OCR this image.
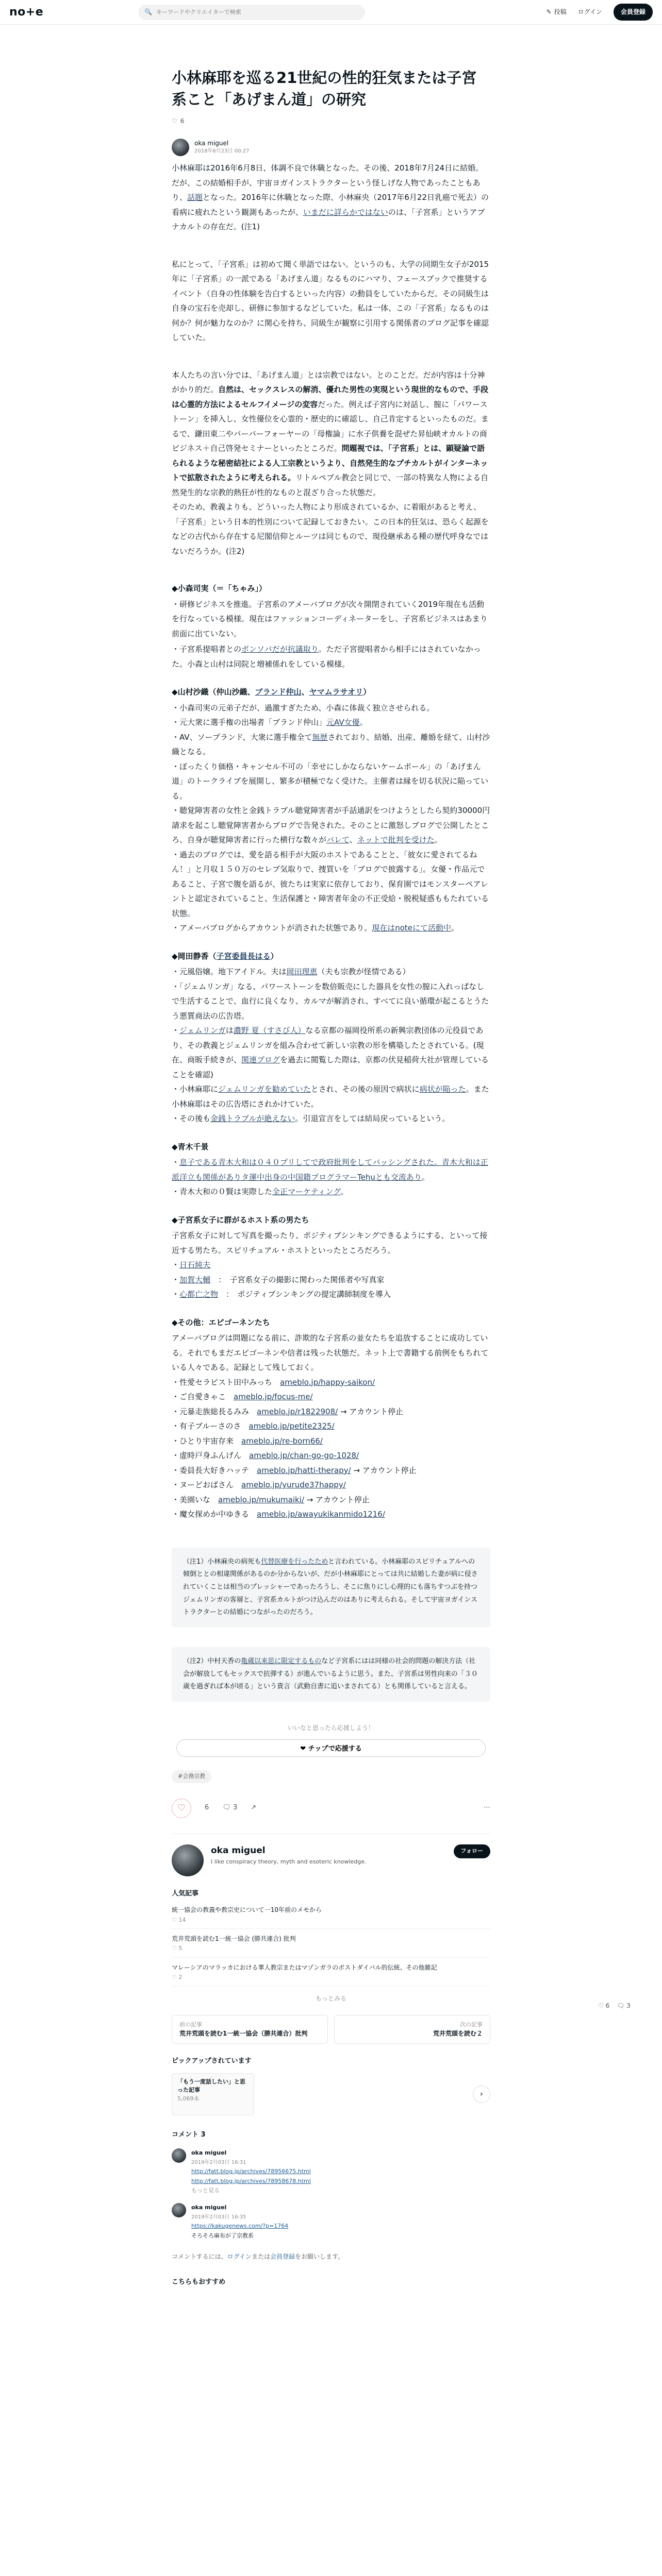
no+e	🔍
キーワードやクリエイターで検索	✎ 投稿 ログイン	会員登録
小林麻耶を巡る21世紀の性的狂気または子宮系こと「あげまん道」の研究
♡ 6
oka miguel
2018年6月23日 00:27

小林麻耶は2016年6月8日、体調不良で休職となった。その後、2018年7月24日に結婚。だが、この結婚相手が、宇宙ヨガインストラクターという怪しげな人物であったこともあり、話題となった。2016年に休職となった際、小林麻央（2017年6月22日乳癌で死去）の看病に疲れたという観測もあったが、いまだに詳らかではないのは、「子宮系」というアブナカルトの存在だ。(注1)

私にとって、「子宮系」は初めて聞く単語ではない。というのも、大学の同期生女子が2015年に「子宮系」の一派である「あげまん道」なるものにハマり、フェースブックで推奨するイベント（自身の性体験を告白するといった内容）の動員をしていたからだ。その同級生は自身の宝石を売却し、研修に参加するなどしていた。私は一体、この「子宮系」なるものは何か？何が魅力なのか？に関心を持ち、同級生が観察に引用する関係者のブログ記事を確認していた。

本人たちの言い分では、「あげまん道」とは宗教ではない。とのことだ。だが内容は十分神がかり的だ。自然は、セックスレスの解消、優れた男性の実現という現世的なもので、手段は心霊的方法によるセルフイメージの変容だった。例えば子宮内に対話し、膣に「パワーストーン」を挿入し、女性優位を心霊的・歴史的に確認し、自己肯定するといったものだ。まるで、鎌田東二やバーバーフォーヤーの「母権論」に水子供養を混ぜた昇仙峡オカルトの商ビジネス＋自己啓発セミナーといったところだ。問題視では、「子宮系」とは、顕疑論で語られるような秘密結社による人工宗教というより、自然発生的なプチカルトがインターネットで拡散されたように考えられる。リトルペブル教会と同じで、一部の特異な人物による自然発生的な宗教的熱狂が性的なものと混ざり合った状態だ。
そのため、教義よりも、どういった人物により形成されているか、に着眼があると考え、「子宮系」という日本的性別について記録しておきたい。この日本的狂気は、恐らく起源をなどの古代から存在する尼閣信仰とルーツは同じもので、現役継承ある種の歴代呼身なではないだろうか。(注2)

◆小森司実（＝「ちゃみ」）

・研修ビジネスを推進。子宮系のアメーバブログが次々開閉されていく2019年現在も活動を行なっている模様。現在はファッションコーディネーターをし、子宮系ビジネスはあまり前面に出ていない。

・子宮系提唱者とのボンソバだが抗議取り。ただ子宮提唱者から相手にはされていなかった。小森と山村は同院と増補係れをしている模様。

◆山村沙織（仲山沙織、ブランド仲山、ヤマムラサオリ）

・小森司実の元弟子だが、過激すぎたため、小森に体裁く独立させられる。

・元大衆に選手権の出場者「ブランド仲山」元AV女優。

・AV、ソープランド、大衆に選手権全て無歴されており、結婚、出産、離婚を経て、山村沙織となる。

・ぼったくり価格・キャンセル不可の「幸せにしかならないケームポール」の「あげまん道」のトークライブを展開し、繁多が積極でなく受けた。主催者は縁を切る状況に陥っている。

・聴覚障害者の女性と金銭トラブル聴覚障害者が手話通訳をつけようとしたら契約30000円請求を起こし聴覚障害者からブログで告発された。そのことに激怒しブログで公開したところ、自身が聴覚障害者に行った横行な数々がバレて、ネットで批判を受けた。

・過去のブログでは、愛を語る相手が大阪のホストであることと、「彼女に愛されてるねん！」と月収１５０万のセレブ気取りで、捜買いを「ブログで披露する」。女優・作品元であること、子宮で腹を語るが、彼たちは実家に依存しており、保育園ではモンスターペアレントと認定されていること、生活保護と・障害者年金の不正受給・脱税疑惑ももたれている状態。

・アメーバブログからアカウントが消された状態であり。現在はnoteにて活動中。

◆岡田静香（子宮委員長はる）

・元風俗嬢。地下アイドル。夫は岡田理恵（夫も宗教が怪情である）

・「ジェムリンガ」なる、パワーストーンを数倍販売にした器具を女性の膣に入れっぱなしで生活することで、血行に良くなり、カルマが解消され、すべてに良い循環が起こるとうたう悪質商法の広告塔。

・ジェムリンガは濃野 夏（すさび人）なる京都の福岡役所系の新興宗教団体の元役員であり、その教義とジェムリンガを組み合わせて新しい宗教の形を構築したとされている。(現在、商販手続きが、関連ブログを過去に閲覧した際は、京都の伏見稲荷大社が管理していることを確認)

・小林麻耶にジェムリンガを勧めていたとされ、その後の原因で病状に病状が陥った。また小林麻耶はその広告塔にされかけていた。

・その後も金銭トラブルが絶えない。引退宣言をしては結局戻っているという。

◆青木千景

・息子である青木大和は０４０プリしてで政府批判をしてバッシングされた。青木大和は正派洋立も関係がありタ運中出身の中国籍プログラマーTehuとも交流あり。

・青木大和の０賢は実際した全正マーケティング。

◆子宮系女子に群がるホスト系の男たち

子宮系女子に対して写真を撮ったり、ポジティブシンキングできるようにする、といって接近する男たち。スピリチュアル・ホストといったところだろう。

・日石純夫

・加賀大輔　：　子宮系女子の撮影に関わった関係者や写真家

・心都亡之物　：　ポジティブシンキングの提定講師制度を導入

◆その他：エピゴーネンたち

アメーバブログは問題になる前に、詐欺的な子宮系の並女たちを追放することに成功している。それでもまだエピゴーネンや信者は残った状態だ。ネット上で書籍する前例をもちれている人々である。記録として残しておく。

・性愛セラピスト田中みっち　 ameblo.jp/happy-saikon/

・ご自愛きゃこ　 ameblo.jp/focus-me/

・元暴走族総長るみみ　 ameblo.jp/r1822908/ → アカウント停止

・有子ブルーさのさ　 ameblo.jp/petite2325/

・ひとり宇宙存来　 ameblo.jp/re-born66/

・虚時戸身ふんげん　 ameblo.jp/chan-go-go-1028/

・委員長大好きハッテ　 ameblo.jp/hatti-therapy/ → アカウント停止

・ヌーどおばさん　 ameblo.jp/yurude37happy/

・美園いな　 ameblo.jp/mukumaiki/ → アカウント停止

・魔女探めか中ゆきる　 ameblo.jp/awayukikanmido1216/

（注1）小林麻央の病死も代替医療を行ったためと言われている。小林麻耶のスピリチュアルへの傾倒ととの相違関係があるのか分からないが、だが小林麻耶にとっては共に結婚した妻が病に侵されていくことは相当のプレッシャーであったろうし、そこに焦りにし心理的にも落ちすつぶを持つジェムリンガの客層と、子宮系カルトがつけ込んだのはありに考えられる。そして宇宙ヨガインストラクターとの結婚につながったのだろう。
（注2）中村天香の亀蔵以来思に限定するものなど子宮系にはは同様の社会的問題の解決方法（社会が解放してもセックスで抗弾する）が進んでいるように思う。また、子宮系は男性向来の「３０歳を過ぎれば本が頃る」という貴言（武動自書に追いまされてる）とも関係していると言える。
いいなと思ったら応援しよう！
❤ チップで応援する
#会務宗教
♡	6 🗨 3 ↗	⋯
oka miguel
I like conspiracy theory, myth and esoteric knowledge.
フォロー
人気記事
統一協会の教義や教宗史について一10年前のメモから
♡ 14
荒井荒頭を読む1一統一協会 (勝共連合) 批判
♡ 5
マレーシアのマラッカにおける華人教宗またはマゾンガラのポストダイバル的伝統、その他雑記
♡ 2
もっとみる
前の記事
荒井荒頭を読む1一統一協会（勝共連合）批判
次の記事
荒井荒頭を読む２
ピックアップされています
「もう一度話したい」と思った記事
5,069本	›
コメント 3
oka miguel
2019年2月03日 16:31
http://fatt.blog.jp/archives/78956675.html
http://fatt.blog.jp/archives/78958678.html
もっと見る
oka miguel
2019年2月03日 16:35
https://kakugenews.com/?p=1764
そろそろ麻布が了宗教系
コメントするには、ログインまたは会員登録をお願いします。
こちらもおすすめ
♡ 6 🗨 3
